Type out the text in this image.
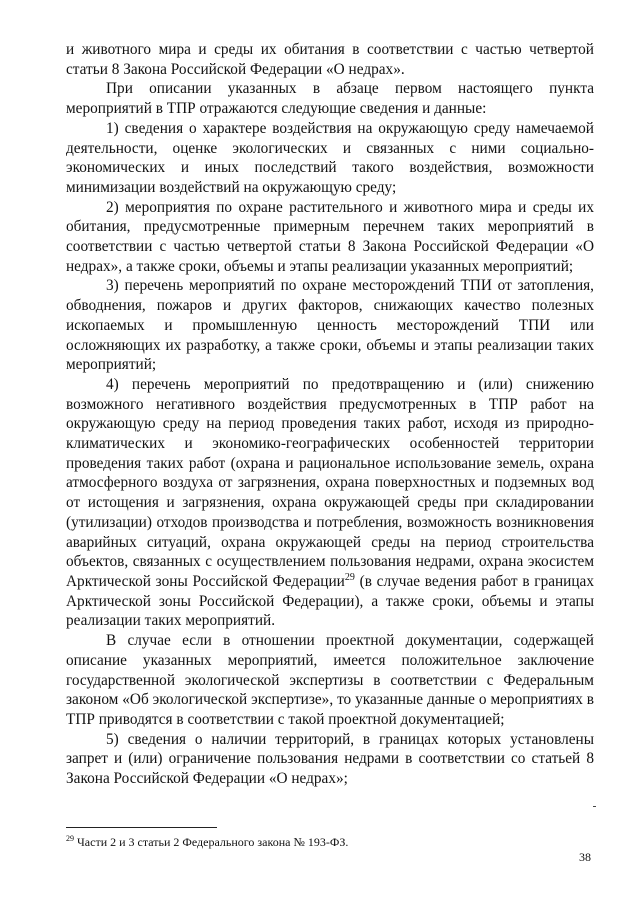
и животного мира и среды их обитания в соответствии с частью четвертой статьи 8 Закона Российской Федерации «О недрах».

При описании указанных в абзаце первом настоящего пункта мероприятий в ТПР отражаются следующие сведения и данные:

1) сведения о характере воздействия на окружающую среду намечаемой деятельности, оценке экологических и связанных с ними социально-экономических и иных последствий такого воздействия, возможности минимизации воздействий на окружающую среду;

2) мероприятия по охране растительного и животного мира и среды их обитания, предусмотренные примерным перечнем таких мероприятий в соответствии с частью четвертой статьи 8 Закона Российской Федерации «О недрах», а также сроки, объемы и этапы реализации указанных мероприятий;

3) перечень мероприятий по охране месторождений ТПИ от затопления, обводнения, пожаров и других факторов, снижающих качество полезных ископаемых и промышленную ценность месторождений ТПИ или осложняющих их разработку, а также сроки, объемы и этапы реализации таких мероприятий;

4) перечень мероприятий по предотвращению и (или) снижению возможного негативного воздействия предусмотренных в ТПР работ на окружающую среду на период проведения таких работ, исходя из природно-климатических и экономико-географических особенностей территории проведения таких работ (охрана и рациональное использование земель, охрана атмосферного воздуха от загрязнения, охрана поверхностных и подземных вод от истощения и загрязнения, охрана окружающей среды при складировании (утилизации) отходов производства и потребления, возможность возникновения аварийных ситуаций, охрана окружающей среды на период строительства объектов, связанных с осуществлением пользования недрами, охрана экосистем Арктической зоны Российской Федерации$^{29}$ (в случае ведения работ в границах Арктической зоны Российской Федерации), а также сроки, объемы и этапы реализации таких мероприятий.

В случае если в отношении проектной документации, содержащей описание указанных мероприятий, имеется положительное заключение государственной экологической экспертизы в соответствии с Федеральным законом «Об экологической экспертизе», то указанные данные о мероприятиях в ТПР приводятся в соответствии с такой проектной документацией;

5) сведения о наличии территорий, в границах которых установлены запрет и (или) ограничение пользования недрами в соответствии со статьей 8 Закона Российской Федерации «О недрах»;

$^{29}$ Части 2 и 3 статьи 2 Федерального закона № 193-ФЗ.
38
